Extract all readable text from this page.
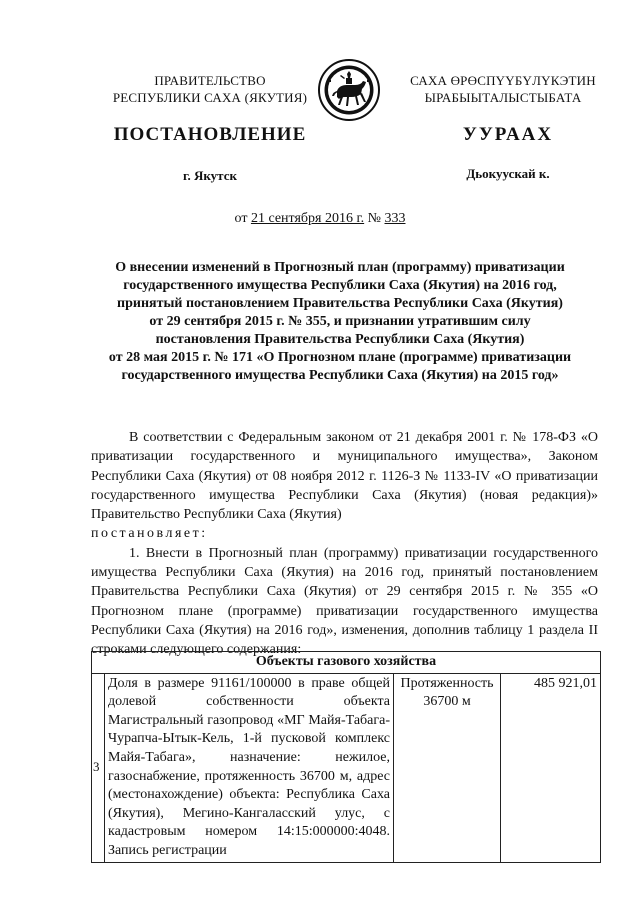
ПРАВИТЕЛЬСТВО
РЕСПУБЛИКИ САХА (ЯКУТИЯ)
САХА ӨРӨСПҮҮБҮЛҮКЭТИН
ЫРАБЫЫТАЛЫСТЫБАТА
ПОСТАНОВЛЕНИЕ	УУРААХ
г. Якутск	Дьокуускай к.
от 21 сентября 2016 г. № 333
О внесении изменений в Прогнозный план (программу) приватизации
государственного имущества Республики Саха (Якутия) на 2016 год,
принятый постановлением Правительства Республики Саха (Якутия)
от 29 сентября 2015 г. № 355, и признании утратившим силу
постановления Правительства Республики Саха (Якутия)
от 28 мая 2015 г. № 171 «О Прогнозном плане (программе) приватизации
государственного имущества Республики Саха (Якутия) на 2015 год»

В соответствии с Федеральным законом от 21 декабря 2001 г. № 178-ФЗ «О приватизации государственного и муниципального имущества», Законом Республики Саха (Якутия) от 08 ноября 2012 г. 1126-З № 1133-IV «О приватизации государственного имущества Республики Саха (Якутия) (новая редакция)» Правительство Республики Саха (Якутия)

постановляет:

1. Внести в Прогнозный план (программу) приватизации государственного имущества Республики Саха (Якутия) на 2016 год, принятый постановлением Правительства Республики Саха (Якутия) от 29 сентября 2015 г. № 355 «О Прогнозном плане (программе) приватизации государственного имущества Республики Саха (Якутия) на 2016 год», изменения, дополнив таблицу 1 раздела II строками следующего содержания:

Объекты газового хозяйства
3	Доля в размере 91161/100000 в праве общей долевой собственности объекта Магистральный газопровод «МГ Майя-Табага-Чурапча-Ытык-Кель, 1-й пусковой комплекс Майя-Табага», назначение: нежилое, газоснабжение, протяженность 36700 м, адрес (местонахождение) объекта: Республика Саха (Якутия), Мегино-Кангаласский улус, с кадастровым номером 14:15:000000:4048. Запись регистрации	Протяженность 36700 м	485 921,01
